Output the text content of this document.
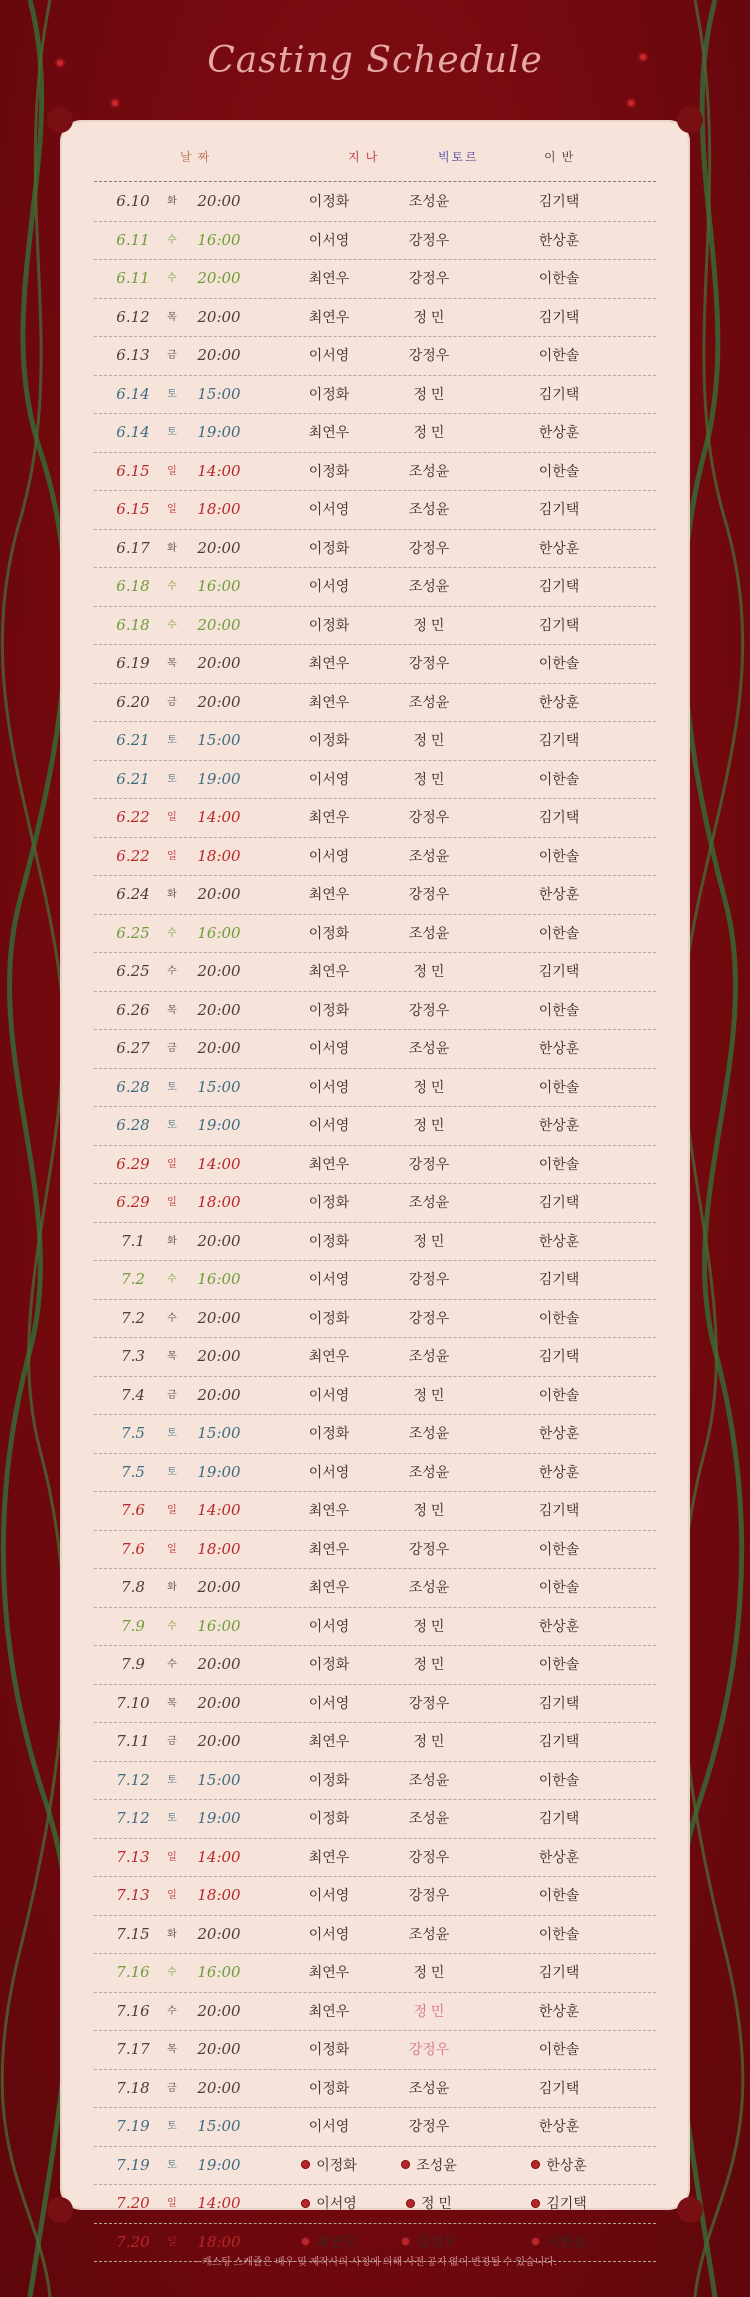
Casting Schedule
날짜	지나	빅토르	이반
6.10	화	20:00	이정화	조성윤	김기택
6.11	수	16:00	이서영	강정우	한상훈
6.11	수	20:00	최연우	강정우	이한솔
6.12	목	20:00	최연우	정 민	김기택
6.13	금	20:00	이서영	강정우	이한솔
6.14	토	15:00	이정화	정 민	김기택
6.14	토	19:00	최연우	정 민	한상훈
6.15	일	14:00	이정화	조성윤	이한솔
6.15	일	18:00	이서영	조성윤	김기택
6.17	화	20:00	이정화	강정우	한상훈
6.18	수	16:00	이서영	조성윤	김기택
6.18	수	20:00	이정화	정 민	김기택
6.19	목	20:00	최연우	강정우	이한솔
6.20	금	20:00	최연우	조성윤	한상훈
6.21	토	15:00	이정화	정 민	김기택
6.21	토	19:00	이서영	정 민	이한솔
6.22	일	14:00	최연우	강정우	김기택
6.22	일	18:00	이서영	조성윤	이한솔
6.24	화	20:00	최연우	강정우	한상훈
6.25	수	16:00	이정화	조성윤	이한솔
6.25	수	20:00	최연우	정 민	김기택
6.26	목	20:00	이정화	강정우	이한솔
6.27	금	20:00	이서영	조성윤	한상훈
6.28	토	15:00	이서영	정 민	이한솔
6.28	토	19:00	이서영	정 민	한상훈
6.29	일	14:00	최연우	강정우	이한솔
6.29	일	18:00	이정화	조성윤	김기택
7.1	화	20:00	이정화	정 민	한상훈
7.2	수	16:00	이서영	강정우	김기택
7.2	수	20:00	이정화	강정우	이한솔
7.3	목	20:00	최연우	조성윤	김기택
7.4	금	20:00	이서영	정 민	이한솔
7.5	토	15:00	이정화	조성윤	한상훈
7.5	토	19:00	이서영	조성윤	한상훈
7.6	일	14:00	최연우	정 민	김기택
7.6	일	18:00	최연우	강정우	이한솔
7.8	화	20:00	최연우	조성윤	이한솔
7.9	수	16:00	이서영	정 민	한상훈
7.9	수	20:00	이정화	정 민	이한솔
7.10	목	20:00	이서영	강정우	김기택
7.11	금	20:00	최연우	정 민	김기택
7.12	토	15:00	이정화	조성윤	이한솔
7.12	토	19:00	이정화	조성윤	김기택
7.13	일	14:00	최연우	강정우	한상훈
7.13	일	18:00	이서영	강정우	이한솔
7.15	화	20:00	이서영	조성윤	이한솔
7.16	수	16:00	최연우	정 민	김기택
7.16	수	20:00	최연우	정 민	한상훈
7.17	목	20:00	이정화	강정우	이한솔
7.18	금	20:00	이정화	조성윤	김기택
7.19	토	15:00	이서영	강정우	한상훈
7.19	토	19:00	이정화	조성윤	한상훈
7.20	일	14:00	이서영	정 민	김기택
7.20	일	18:00	최연우	강정우	이한솔
~ 캐스팅 스케줄은 배우 및 제작사의 사정에 의해 사전 공지 없이 변경될 수 있습니다.
